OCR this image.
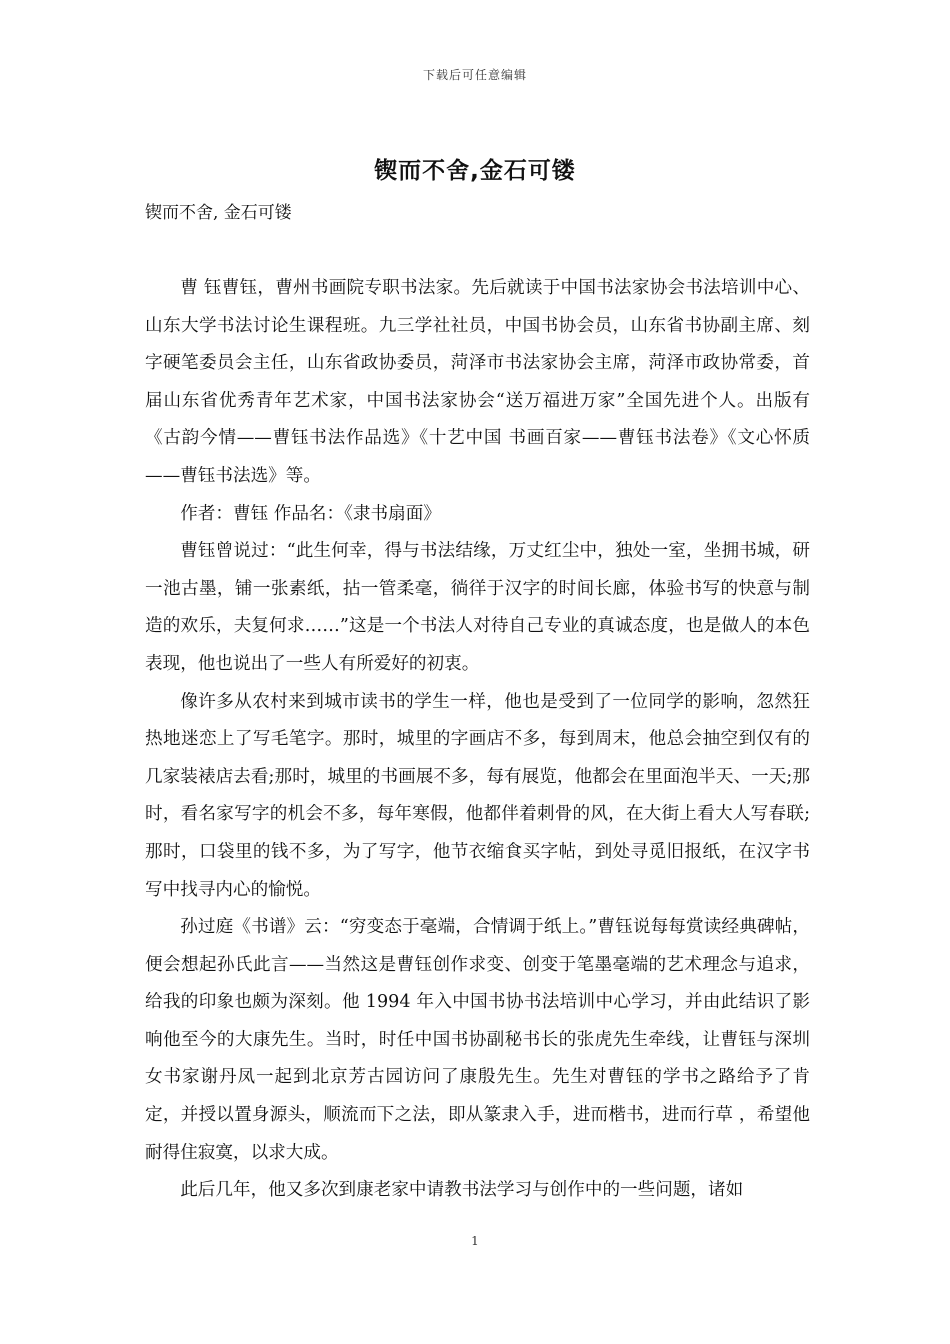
下载后可任意编辑
锲而不舍,金石可镂
锲而不舍, 金石可镂

曹 钰曹钰，曹州书画院专职书法家。先后就读于中国书法家协会书法培训中心、山东大学书法讨论生课程班。九三学社社员，中国书协会员，山东省书协副主席、刻字硬笔委员会主任，山东省政协委员，菏泽市书法家协会主席，菏泽市政协常委，首届山东省优秀青年艺术家，中国书法家协会“送万福进万家”全国先进个人。出版有《古韵今情——曹钰书法作品选》《十艺中国 书画百家——曹钰书法卷》《文心怀质——曹钰书法选》等。

作者：曹钰 作品名：《隶书扇面》

曹钰曾说过：“此生何幸，得与书法结缘，万丈红尘中，独处一室，坐拥书城，研一池古墨，铺一张素纸，拈一管柔毫，徜徉于汉字的时间长廊，体验书写的快意与制造的欢乐，夫复何求……”这是一个书法人对待自己专业的真诚态度，也是做人的本色表现，他也说出了一些人有所爱好的初衷。

像许多从农村来到城市读书的学生一样，他也是受到了一位同学的影响，忽然狂热地迷恋上了写毛笔字。那时，城里的字画店不多，每到周末，他总会抽空到仅有的几家装裱店去看;那时，城里的书画展不多，每有展览，他都会在里面泡半天、一天;那时，看名家写字的机会不多，每年寒假，他都伴着刺骨的风，在大街上看大人写春联;那时，口袋里的钱不多，为了写字，他节衣缩食买字帖，到处寻觅旧报纸，在汉字书写中找寻内心的愉悦。

孙过庭《书谱》云：“穷变态于毫端，合情调于纸上。”曹钰说每每赏读经典碑帖，便会想起孙氏此言——当然这是曹钰创作求变、创变于笔墨毫端的艺术理念与追求，给我的印象也颇为深刻。他 1994 年入中国书协书法培训中心学习，并由此结识了影响他至今的大康先生。当时，时任中国书协副秘书长的张虎先生牵线，让曹钰与深圳女书家谢丹凤一起到北京芳古园访问了康殷先生。先生对曹钰的学书之路给予了肯定，并授以置身源头，顺流而下之法，即从篆隶入手，进而楷书，进而行草 ，希望他耐得住寂寞，以求大成。

此后几年，他又多次到康老家中请教书法学习与创作中的一些问题，诸如

1
